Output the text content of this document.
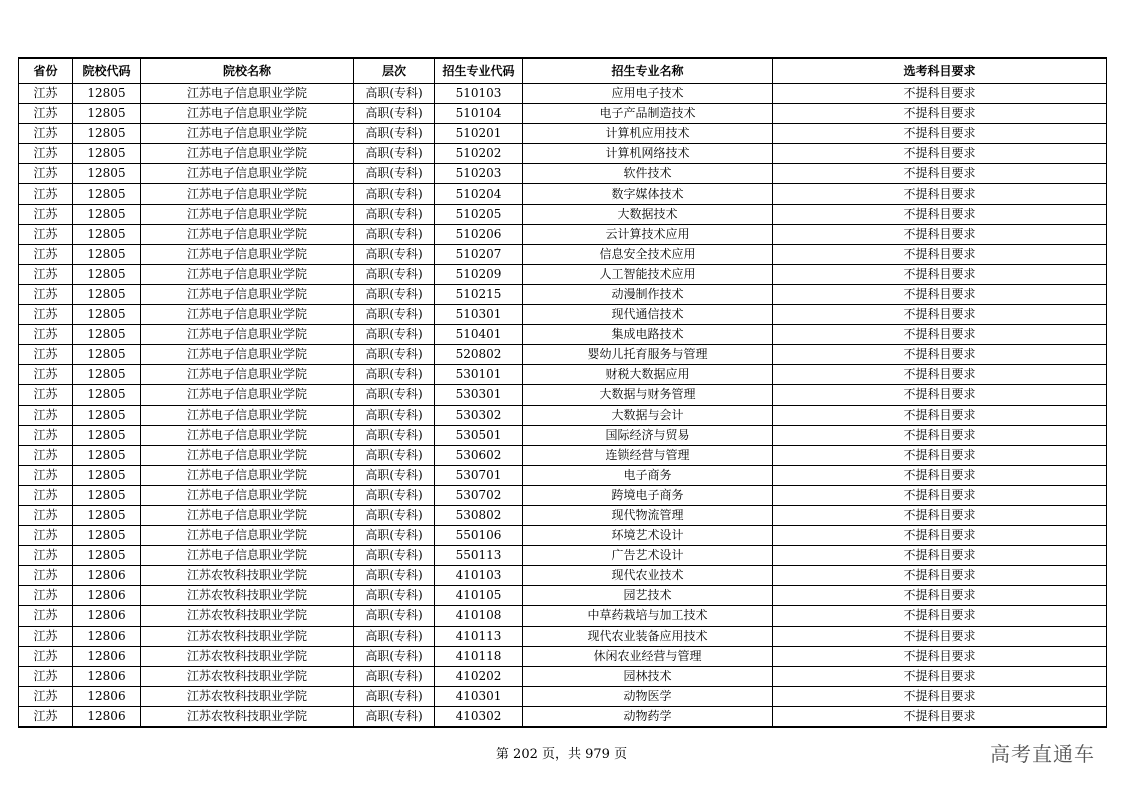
省份	院校代码	院校名称	层次	招生专业代码	招生专业名称	选考科目要求
江苏	12805	江苏电子信息职业学院	高职(专科)	510103	应用电子技术	不提科目要求
江苏	12805	江苏电子信息职业学院	高职(专科)	510104	电子产品制造技术	不提科目要求
江苏	12805	江苏电子信息职业学院	高职(专科)	510201	计算机应用技术	不提科目要求
江苏	12805	江苏电子信息职业学院	高职(专科)	510202	计算机网络技术	不提科目要求
江苏	12805	江苏电子信息职业学院	高职(专科)	510203	软件技术	不提科目要求
江苏	12805	江苏电子信息职业学院	高职(专科)	510204	数字媒体技术	不提科目要求
江苏	12805	江苏电子信息职业学院	高职(专科)	510205	大数据技术	不提科目要求
江苏	12805	江苏电子信息职业学院	高职(专科)	510206	云计算技术应用	不提科目要求
江苏	12805	江苏电子信息职业学院	高职(专科)	510207	信息安全技术应用	不提科目要求
江苏	12805	江苏电子信息职业学院	高职(专科)	510209	人工智能技术应用	不提科目要求
江苏	12805	江苏电子信息职业学院	高职(专科)	510215	动漫制作技术	不提科目要求
江苏	12805	江苏电子信息职业学院	高职(专科)	510301	现代通信技术	不提科目要求
江苏	12805	江苏电子信息职业学院	高职(专科)	510401	集成电路技术	不提科目要求
江苏	12805	江苏电子信息职业学院	高职(专科)	520802	婴幼儿托育服务与管理	不提科目要求
江苏	12805	江苏电子信息职业学院	高职(专科)	530101	财税大数据应用	不提科目要求
江苏	12805	江苏电子信息职业学院	高职(专科)	530301	大数据与财务管理	不提科目要求
江苏	12805	江苏电子信息职业学院	高职(专科)	530302	大数据与会计	不提科目要求
江苏	12805	江苏电子信息职业学院	高职(专科)	530501	国际经济与贸易	不提科目要求
江苏	12805	江苏电子信息职业学院	高职(专科)	530602	连锁经营与管理	不提科目要求
江苏	12805	江苏电子信息职业学院	高职(专科)	530701	电子商务	不提科目要求
江苏	12805	江苏电子信息职业学院	高职(专科)	530702	跨境电子商务	不提科目要求
江苏	12805	江苏电子信息职业学院	高职(专科)	530802	现代物流管理	不提科目要求
江苏	12805	江苏电子信息职业学院	高职(专科)	550106	环境艺术设计	不提科目要求
江苏	12805	江苏电子信息职业学院	高职(专科)	550113	广告艺术设计	不提科目要求
江苏	12806	江苏农牧科技职业学院	高职(专科)	410103	现代农业技术	不提科目要求
江苏	12806	江苏农牧科技职业学院	高职(专科)	410105	园艺技术	不提科目要求
江苏	12806	江苏农牧科技职业学院	高职(专科)	410108	中草药栽培与加工技术	不提科目要求
江苏	12806	江苏农牧科技职业学院	高职(专科)	410113	现代农业装备应用技术	不提科目要求
江苏	12806	江苏农牧科技职业学院	高职(专科)	410118	休闲农业经营与管理	不提科目要求
江苏	12806	江苏农牧科技职业学院	高职(专科)	410202	园林技术	不提科目要求
江苏	12806	江苏农牧科技职业学院	高职(专科)	410301	动物医学	不提科目要求
江苏	12806	江苏农牧科技职业学院	高职(专科)	410302	动物药学	不提科目要求
第 202 页，共 979 页	高考直通车
